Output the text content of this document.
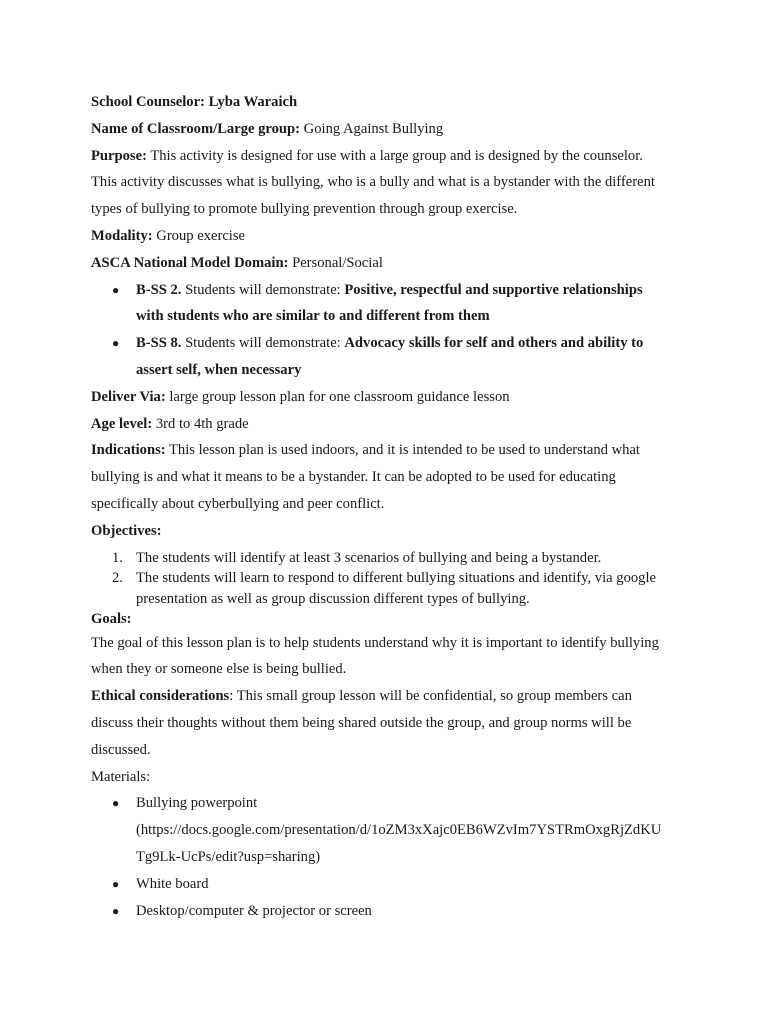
School Counselor: Lyba Waraich
Name of Classroom/Large group: Going Against Bullying
Purpose: This activity is designed for use with a large group and is designed by the counselor.
This activity discusses what is bullying, who is a bully and what is a bystander with the different
types of bullying to promote bullying prevention through group exercise.
Modality: Group exercise
ASCA National Model Domain: Personal/Social
● B-SS 2. Students will demonstrate: Positive, respectful and supportive relationships
with students who are similar to and different from them
● B-SS 8. Students will demonstrate: Advocacy skills for self and others and ability to
assert self, when necessary
Deliver Via: large group lesson plan for one classroom guidance lesson
Age level: 3rd to 4th grade
Indications: This lesson plan is used indoors, and it is intended to be used to understand what
bullying is and what it means to be a bystander. It can be adopted to be used for educating
specifically about cyberbullying and peer conflict.
Objectives:
1. The students will identify at least 3 scenarios of bullying and being a bystander.
2. The students will learn to respond to different bullying situations and identify, via google
presentation as well as group discussion different types of bullying.
Goals:
The goal of this lesson plan is to help students understand why it is important to identify bullying
when they or someone else is being bullied.
Ethical considerations: This small group lesson will be confidential, so group members can
discuss their thoughts without them being shared outside the group, and group norms will be
discussed.
Materials:
● Bullying powerpoint
(https://docs.google.com/presentation/d/1oZM3xXajc0EB6WZvIm7YSTRmOxgRjZdKU
Tg9Lk-UcPs/edit?usp=sharing)
● White board
● Desktop/computer & projector or screen
